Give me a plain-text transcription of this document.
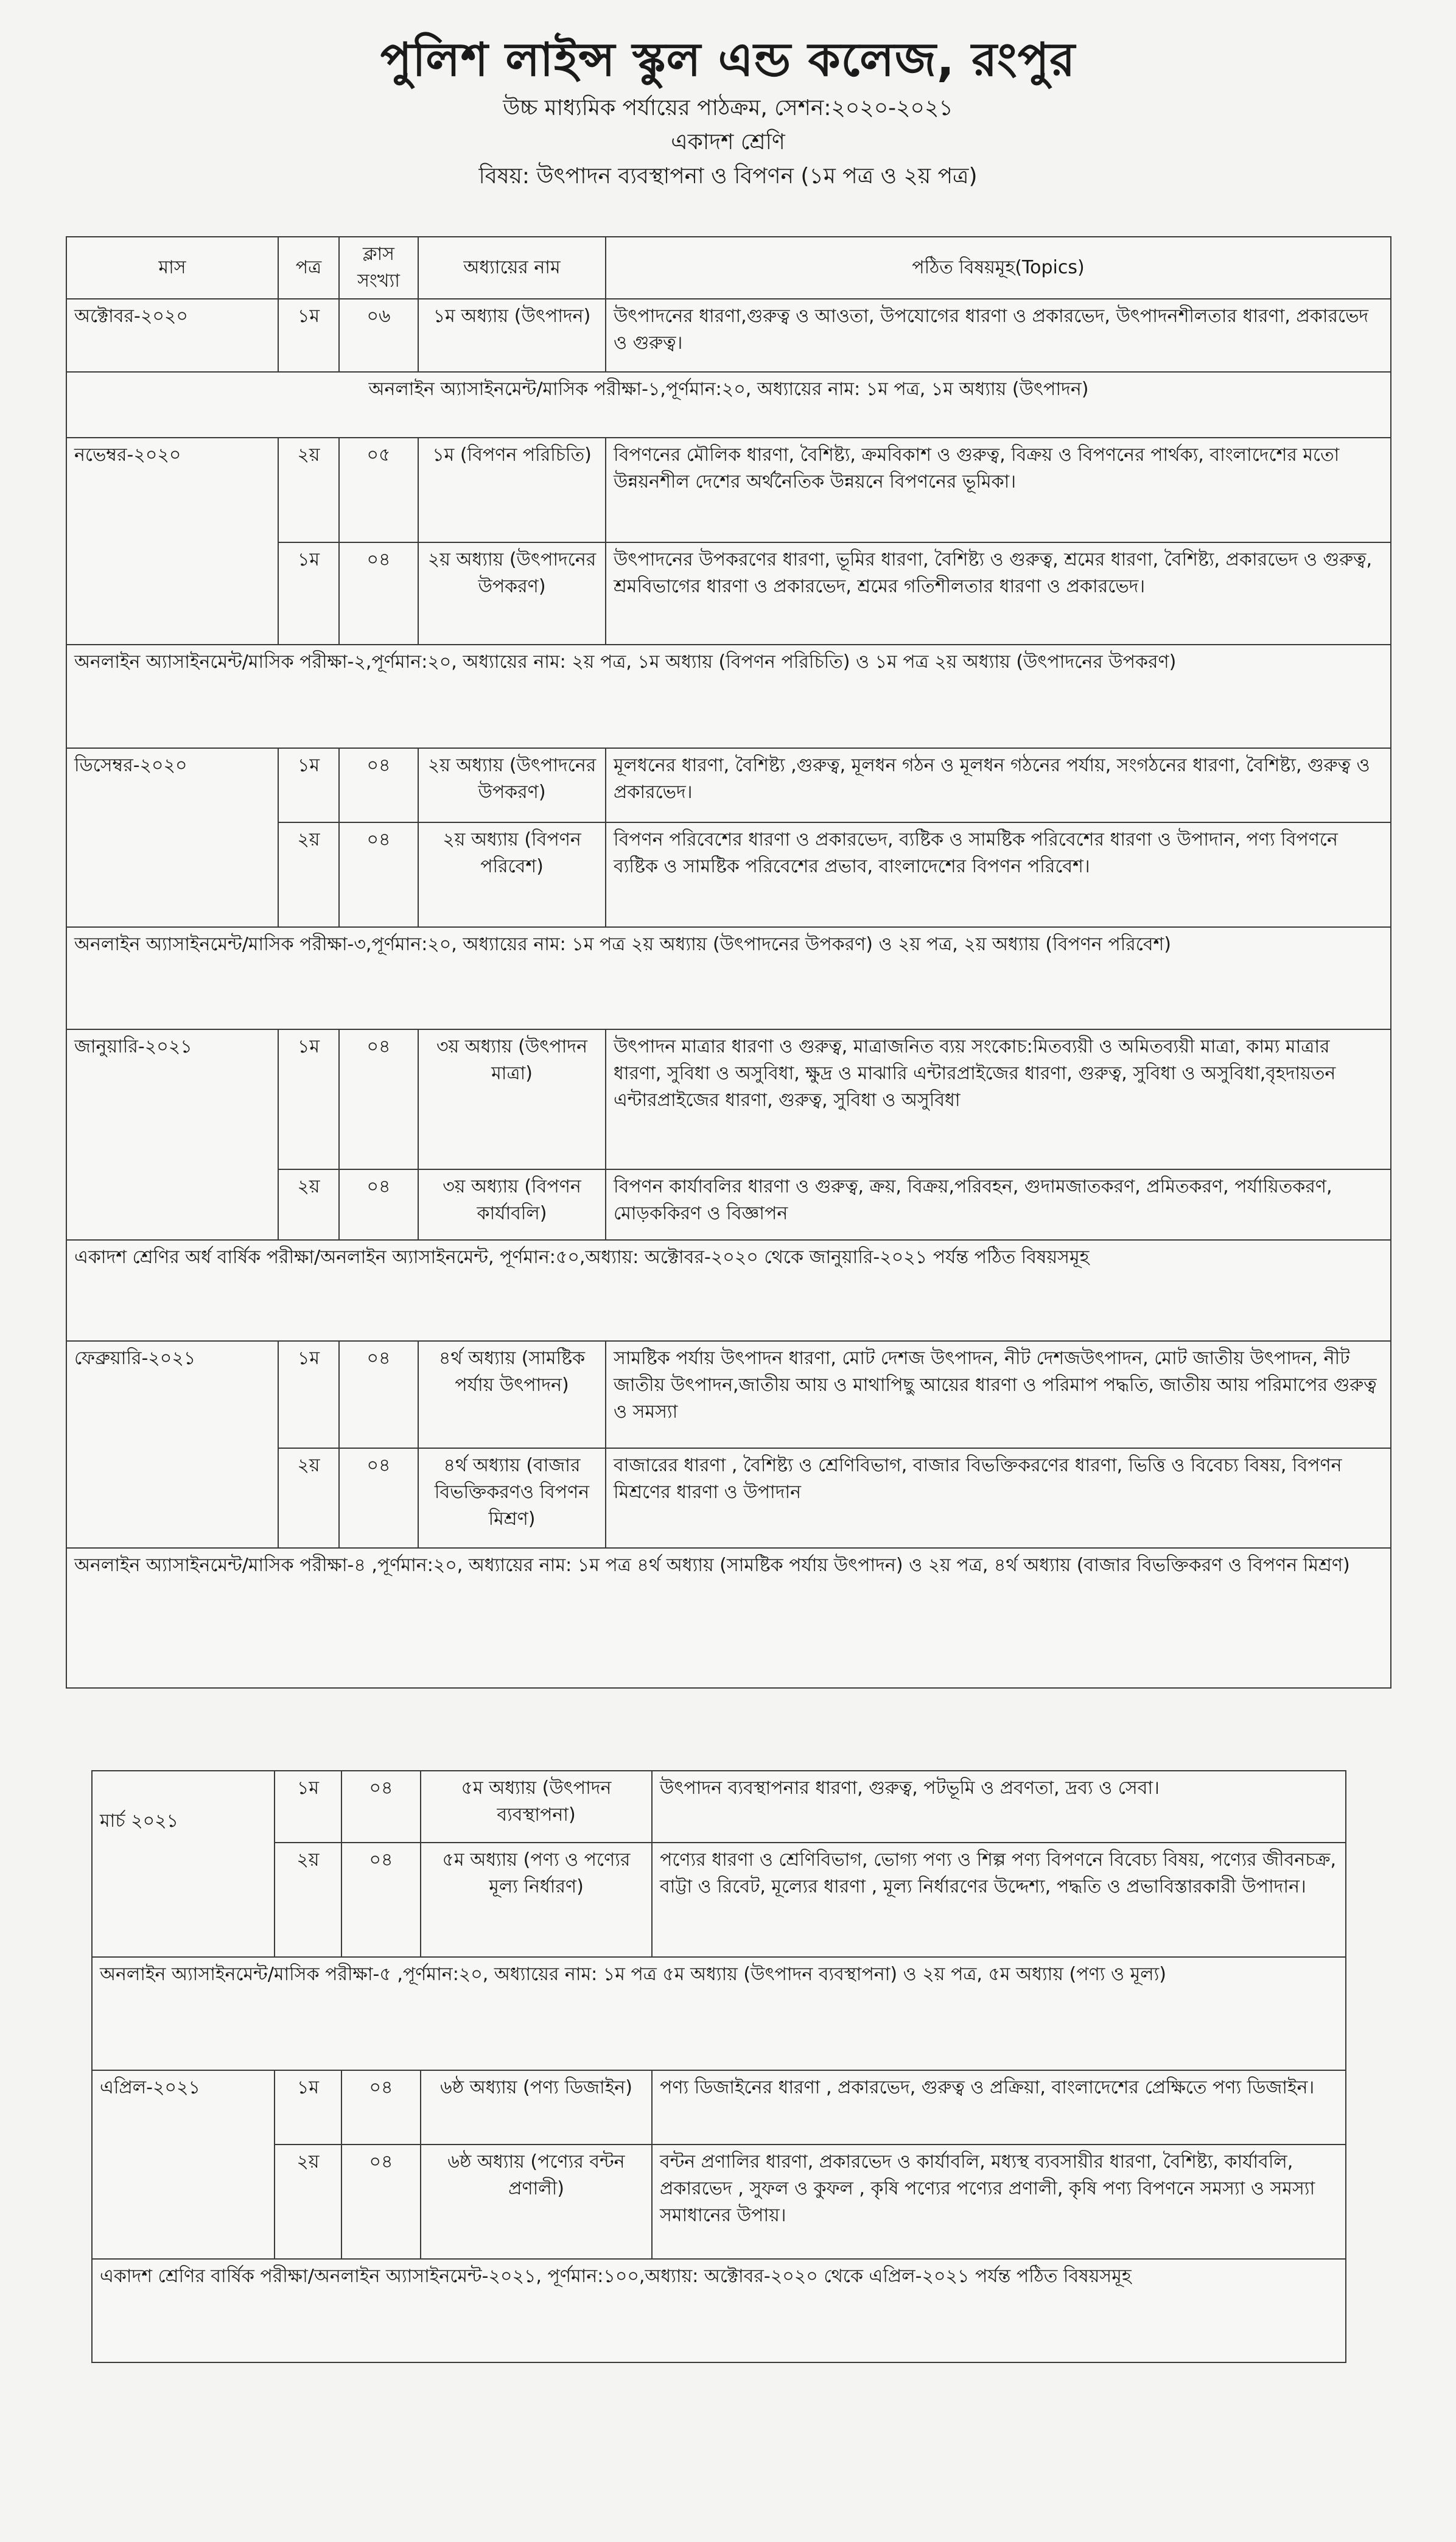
পুলিশ লাইন্স স্কুল এন্ড কলেজ, রংপুর
উচ্চ মাধ্যমিক পর্যায়ের পাঠক্রম, সেশন:২০২০-২০২১
একাদশ শ্রেণি
বিষয়: উৎপাদন ব্যবস্থাপনা ও বিপণন (১ম পত্র ও ২য় পত্র)
মাস	পত্র	ক্লাস সংখ্যা	অধ্যায়ের নাম	পঠিত বিষয়মূহ(Topics)
অক্টোবর-২০২০	১ম	০৬	১ম অধ্যায় (উৎপাদন)	উৎপাদনের ধারণা,গুরুত্ব ও আওতা, উপযোগের ধারণা ও প্রকারভেদ, উৎপাদনশীলতার ধারণা, প্রকারভেদ ও গুরুত্ব।
অনলাইন অ্যাসাইনমেন্ট/মাসিক পরীক্ষা-১,পূর্ণমান:২০, অধ্যায়ের নাম: ১ম পত্র, ১ম অধ্যায় (উৎপাদন)				
নভেম্বর-২০২০	২য়	০৫	১ম (বিপণন পরিচিতি)	বিপণনের মৌলিক ধারণা, বৈশিষ্ট্য, ক্রমবিকাশ ও গুরুত্ব, বিক্রয় ও বিপণনের পার্থক্য, বাংলাদেশের মতো উন্নয়নশীল দেশের অর্থনৈতিক উন্নয়নে বিপণনের ভূমিকা।
	১ম	০৪	২য় অধ্যায় (উৎপাদনের উপকরণ)	উৎপাদনের উপকরণের ধারণা, ভূমির ধারণা, বৈশিষ্ট্য ও গুরুত্ব, শ্রমের ধারণা, বৈশিষ্ট্য, প্রকারভেদ ও গুরুত্ব, শ্রমবিভাগের ধারণা ও প্রকারভেদ, শ্রমের গতিশীলতার ধারণা ও প্রকারভেদ।
অনলাইন অ্যাসাইনমেন্ট/মাসিক পরীক্ষা-২,পূর্ণমান:২০, অধ্যায়ের নাম: ২য় পত্র, ১ম অধ্যায় (বিপণন পরিচিতি) ও ১ম পত্র ২য় অধ্যায় (উৎপাদনের উপকরণ)				
ডিসেম্বর-২০২০	১ম	০৪	২য় অধ্যায় (উৎপাদনের উপকরণ)	মূলধনের ধারণা, বৈশিষ্ট্য ,গুরুত্ব, মূলধন গঠন ও মূলধন গঠনের পর্যায়, সংগঠনের ধারণা, বৈশিষ্ট্য, গুরুত্ব ও প্রকারভেদ।
	২য়	০৪	২য় অধ্যায় (বিপণন পরিবেশ)	বিপণন পরিবেশের ধারণা ও প্রকারভেদ, ব্যষ্টিক ও সামষ্টিক পরিবেশের ধারণা ও উপাদান, পণ্য বিপণনে ব্যষ্টিক ও সামষ্টিক পরিবেশের প্রভাব, বাংলাদেশের বিপণন পরিবেশ।
অনলাইন অ্যাসাইনমেন্ট/মাসিক পরীক্ষা-৩,পূর্ণমান:২০, অধ্যায়ের নাম: ১ম পত্র ২য় অধ্যায় (উৎপাদনের উপকরণ) ও ২য় পত্র, ২য় অধ্যায় (বিপণন পরিবেশ)				
জানুয়ারি-২০২১	১ম	০৪	৩য় অধ্যায় (উৎপাদন মাত্রা)	উৎপাদন মাত্রার ধারণা ও গুরুত্ব, মাত্রাজনিত ব্যয় সংকোচ:মিতব্যয়ী ও অমিতব্যয়ী মাত্রা, কাম্য মাত্রার ধারণা, সুবিধা ও অসুবিধা, ক্ষুদ্র ও মাঝারি এন্টারপ্রাইজের ধারণা, গুরুত্ব, সুবিধা ও অসুবিধা,বৃহদায়তন এন্টারপ্রাইজের ধারণা, গুরুত্ব, সুবিধা ও অসুবিধা
	২য়	০৪	৩য় অধ্যায় (বিপণন কার্যাবলি)	বিপণন কার্যাবলির ধারণা ও গুরুত্ব, ক্রয়, বিক্রয়,পরিবহন, গুদামজাতকরণ, প্রমিতকরণ, পর্যায়িতকরণ, মোড়ককিরণ ও বিজ্ঞাপন
একাদশ শ্রেণির অর্ধ বার্ষিক পরীক্ষা/অনলাইন অ্যাসাইনমেন্ট, পূর্ণমান:৫০,অধ্যায়: অক্টোবর-২০২০ থেকে জানুয়ারি-২০২১ পর্যন্ত পঠিত বিষয়সমূহ				
ফেব্রুয়ারি-২০২১	১ম	০৪	৪র্থ অধ্যায় (সামষ্টিক পর্যায় উৎপাদন)	সামষ্টিক পর্যায় উৎপাদন ধারণা, মোট দেশজ উৎপাদন, নীট দেশজউৎপাদন, মোট জাতীয় উৎপাদন, নীট জাতীয় উৎপাদন,জাতীয় আয় ও মাথাপিছু আয়ের ধারণা ও পরিমাপ পদ্ধতি, জাতীয় আয় পরিমাপের গুরুত্ব ও সমস্যা
	২য়	০৪	৪র্থ অধ্যায় (বাজার বিভক্তিকরণও বিপণন মিশ্রণ)	বাজারের ধারণা , বৈশিষ্ট্য ও শ্রেণিবিভাগ, বাজার বিভক্তিকরণের ধারণা, ভিত্তি ও বিবেচ্য বিষয়, বিপণন মিশ্রণের ধারণা ও উপাদান
অনলাইন অ্যাসাইনমেন্ট/মাসিক পরীক্ষা-৪ ,পূর্ণমান:২০, অধ্যায়ের নাম: ১ম পত্র ৪র্থ অধ্যায় (সামষ্টিক পর্যায় উৎপাদন) ও ২য় পত্র, ৪র্থ অধ্যায় (বাজার বিভক্তিকরণ ও বিপণন মিশ্রণ)				
মার্চ ২০২১	১ম	০৪	৫ম অধ্যায় (উৎপাদন ব্যবস্থাপনা)	উৎপাদন ব্যবস্থাপনার ধারণা, গুরুত্ব, পটভূমি ও প্রবণতা, দ্রব্য ও সেবা।
	২য়	০৪	৫ম অধ্যায় (পণ্য ও পণ্যের মূল্য নির্ধারণ)	পণ্যের ধারণা ও শ্রেণিবিভাগ, ভোগ্য পণ্য ও শিল্প পণ্য বিপণনে বিবেচ্য বিষয়, পণ্যের জীবনচক্র, বাট্টা ও রিবেট, মূল্যের ধারণা , মূল্য নির্ধারণের উদ্দেশ্য, পদ্ধতি ও প্রভাবিস্তারকারী উপাদান।
অনলাইন অ্যাসাইনমেন্ট/মাসিক পরীক্ষা-৫ ,পূর্ণমান:২০, অধ্যায়ের নাম: ১ম পত্র ৫ম অধ্যায় (উৎপাদন ব্যবস্থাপনা) ও ২য় পত্র, ৫ম অধ্যায় (পণ্য ও মূল্য)				
এপ্রিল-২০২১	১ম	০৪	৬ষ্ঠ অধ্যায় (পণ্য ডিজাইন)	পণ্য ডিজাইনের ধারণা , প্রকারভেদ, গুরুত্ব ও প্রক্রিয়া, বাংলাদেশের প্রেক্ষিতে পণ্য ডিজাইন।
	২য়	০৪	৬ষ্ঠ অধ্যায় (পণ্যের বন্টন প্রণালী)	বন্টন প্রণালির ধারণা, প্রকারভেদ ও কার্যাবলি, মধ্যস্থ ব্যবসায়ীর ধারণা, বৈশিষ্ট্য, কার্যাবলি, প্রকারভেদ , সুফল ও কুফল , কৃষি পণ্যের পণ্যের প্রণালী, কৃষি পণ্য বিপণনে সমস্যা ও সমস্যা সমাধানের উপায়।
একাদশ শ্রেণির বার্ষিক পরীক্ষা/অনলাইন অ্যাসাইনমেন্ট-২০২১, পূর্ণমান:১০০,অধ্যায়: অক্টোবর-২০২০ থেকে এপ্রিল-২০২১ পর্যন্ত পঠিত বিষয়সমূহ				
